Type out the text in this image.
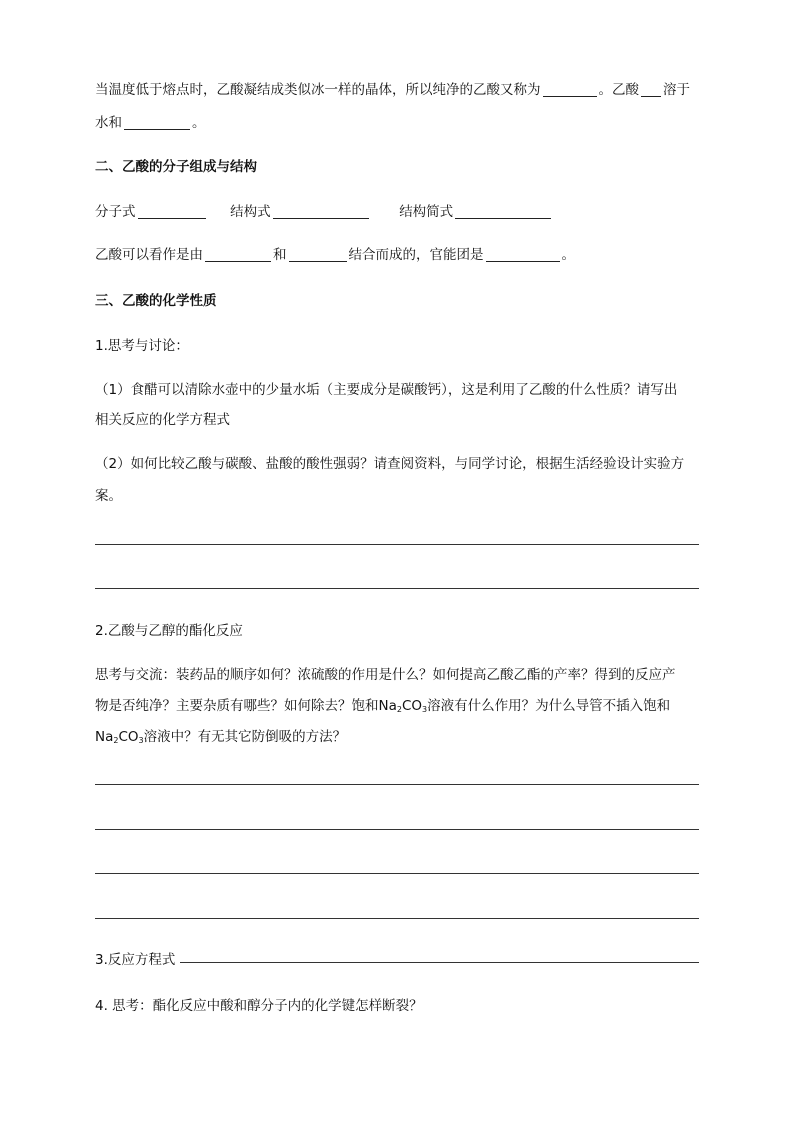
当温度低于熔点时，乙酸凝结成类似冰一样的晶体，所以纯净的乙酸又称为	。乙酸 溶于
水和	。
二、乙酸的分子组成与结构
分子式	结构式	结构简式
乙酸可以看作是由	和	结合而成的，官能团是	。
三、乙酸的化学性质
1.思考与讨论：
（1）食醋可以清除水壶中的少量水垢（主要成分是碳酸钙），这是利用了乙酸的什么性质？请写出
相关反应的化学方程式
（2）如何比较乙酸与碳酸、盐酸的酸性强弱？请查阅资料，与同学讨论，根据生活经验设计实验方
案。
2.乙酸与乙醇的酯化反应
思考与交流：装药品的顺序如何？浓硫酸的作用是什么？如何提高乙酸乙酯的产率？得到的反应产
物是否纯净？主要杂质有哪些？如何除去？饱和$Na_2CO_3$溶液有什么作用？为什么导管不插入饱和
$Na_2CO_3$溶液中？有无其它防倒吸的方法？
3.反应方程式
4. 思考：酯化反应中酸和醇分子内的化学键怎样断裂？
